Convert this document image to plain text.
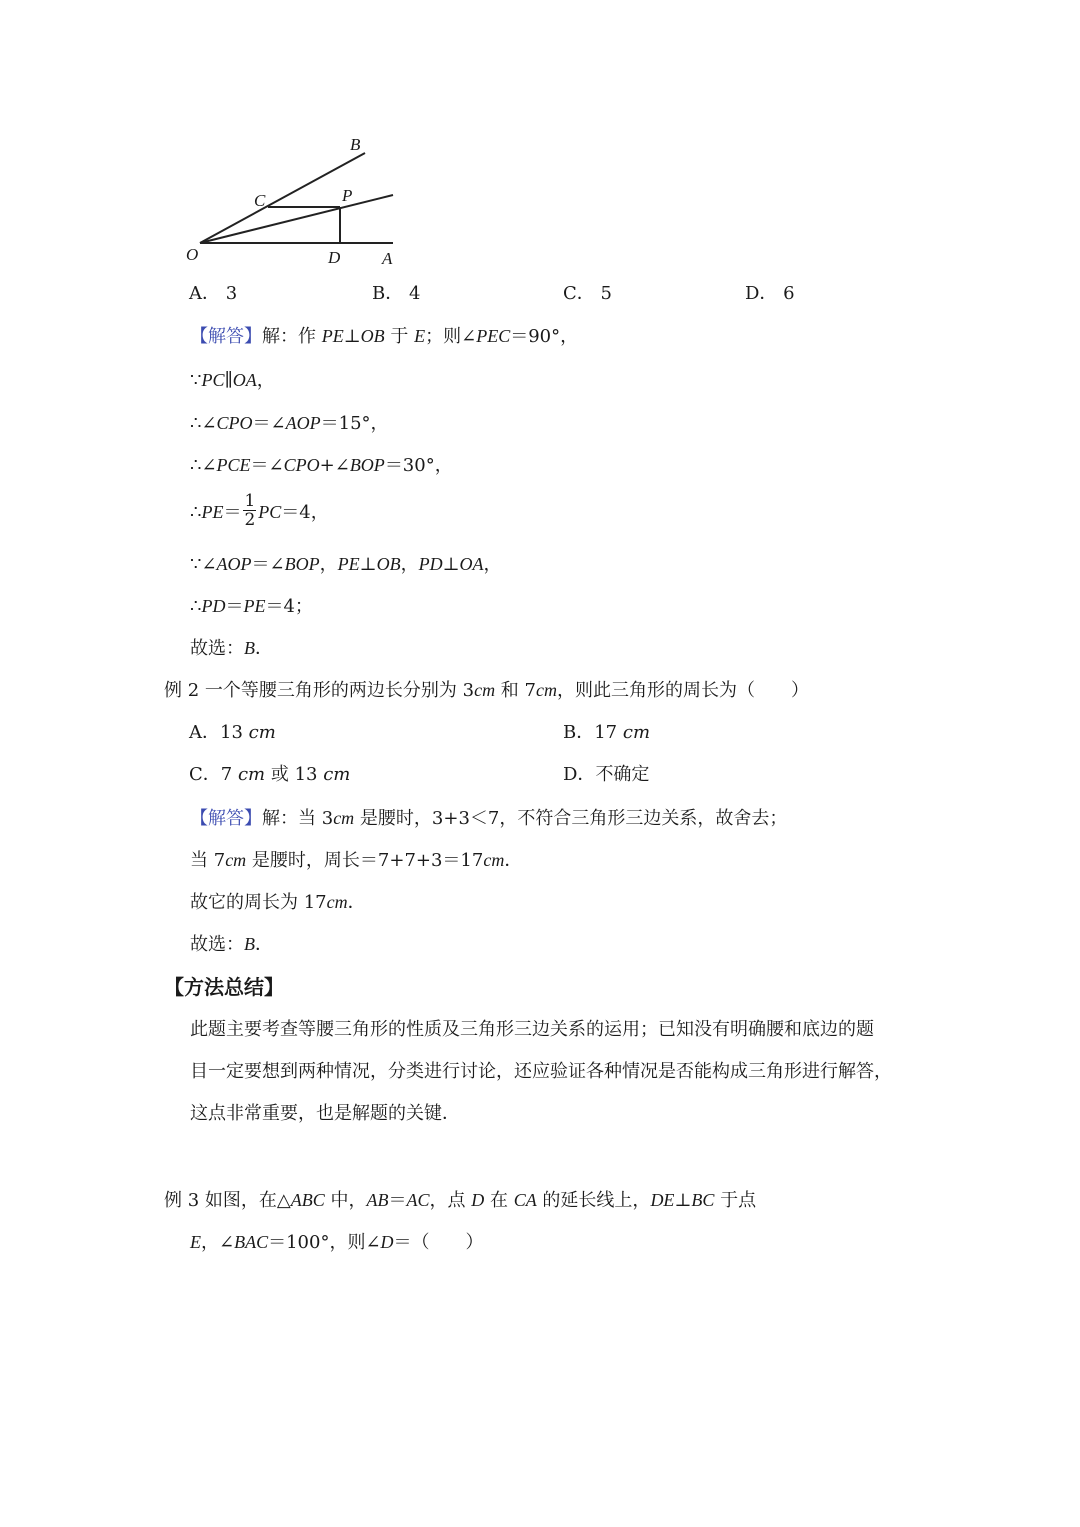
O	A
B
C	P
D
A． 3	B． 4	C． 5	D． 6
【解答】解：作 PE⊥OB 于 E；则∠PEC＝90°，
∵PC∥OA，
∴∠CPO＝∠AOP＝15°，
∴∠PCE＝∠CPO+∠BOP＝30°，
∴PE＝ $\frac{1}{2} PC=4$，
∵∠AOP＝∠BOP，PE⊥OB，PD⊥OA，
∴PD＝PE＝4；
故选：B．
例 2 一个等腰三角形的两边长分别为 3cm 和 7cm，则此三角形的周长为（　　）
A．13 cm	B．17 cm
C．7 cm 或 13 cm	D．不确定
【解答】解：当 3cm 是腰时，3+3＜7，不符合三角形三边关系，故舍去；
当 7cm 是腰时，周长＝7+7+3＝17cm．
故它的周长为 17cm．
故选：B．
【方法总结】
此题主要考查等腰三角形的性质及三角形三边关系的运用；已知没有明确腰和底边的题
目一定要想到两种情况，分类进行讨论，还应验证各种情况是否能构成三角形进行解答，
这点非常重要，也是解题的关键．
例 3 如图，在△ABC 中，AB＝AC，点 D 在 CA 的延长线上，DE⊥BC 于点
E，∠BAC＝100°，则∠D＝（　　）
